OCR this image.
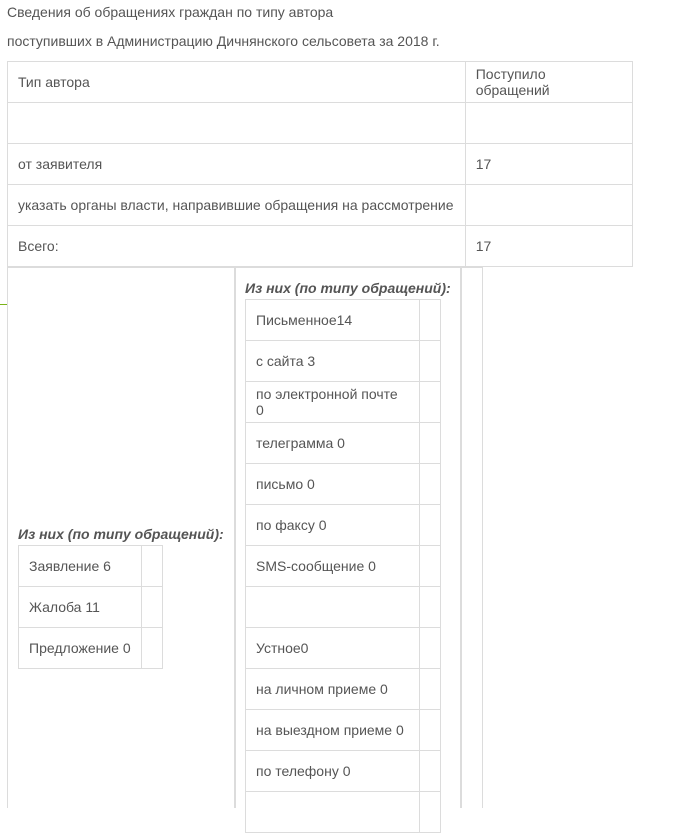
Сведения об обращениях граждан по типу автора

поступивших в Администрацию Дичнянского сельсовета за 2018 г.

Тип автора	Поступило обращений

от заявителя	17
указать органы власти, направившие обращения на рассмотрение	
Всего:	17

Из них (по типу обращений):

Заявление 6	
Жалоба 11	
Предложение 0	

Из них (по типу обращений):

Письменное14	
с сайта 3	
по электронной почте 0	
телеграмма 0	
письмо 0	
по факсу 0	
SMS-сообщение 0	

Устное0	
на личном приеме 0	
на выездном приеме 0	
по телефону 0	
